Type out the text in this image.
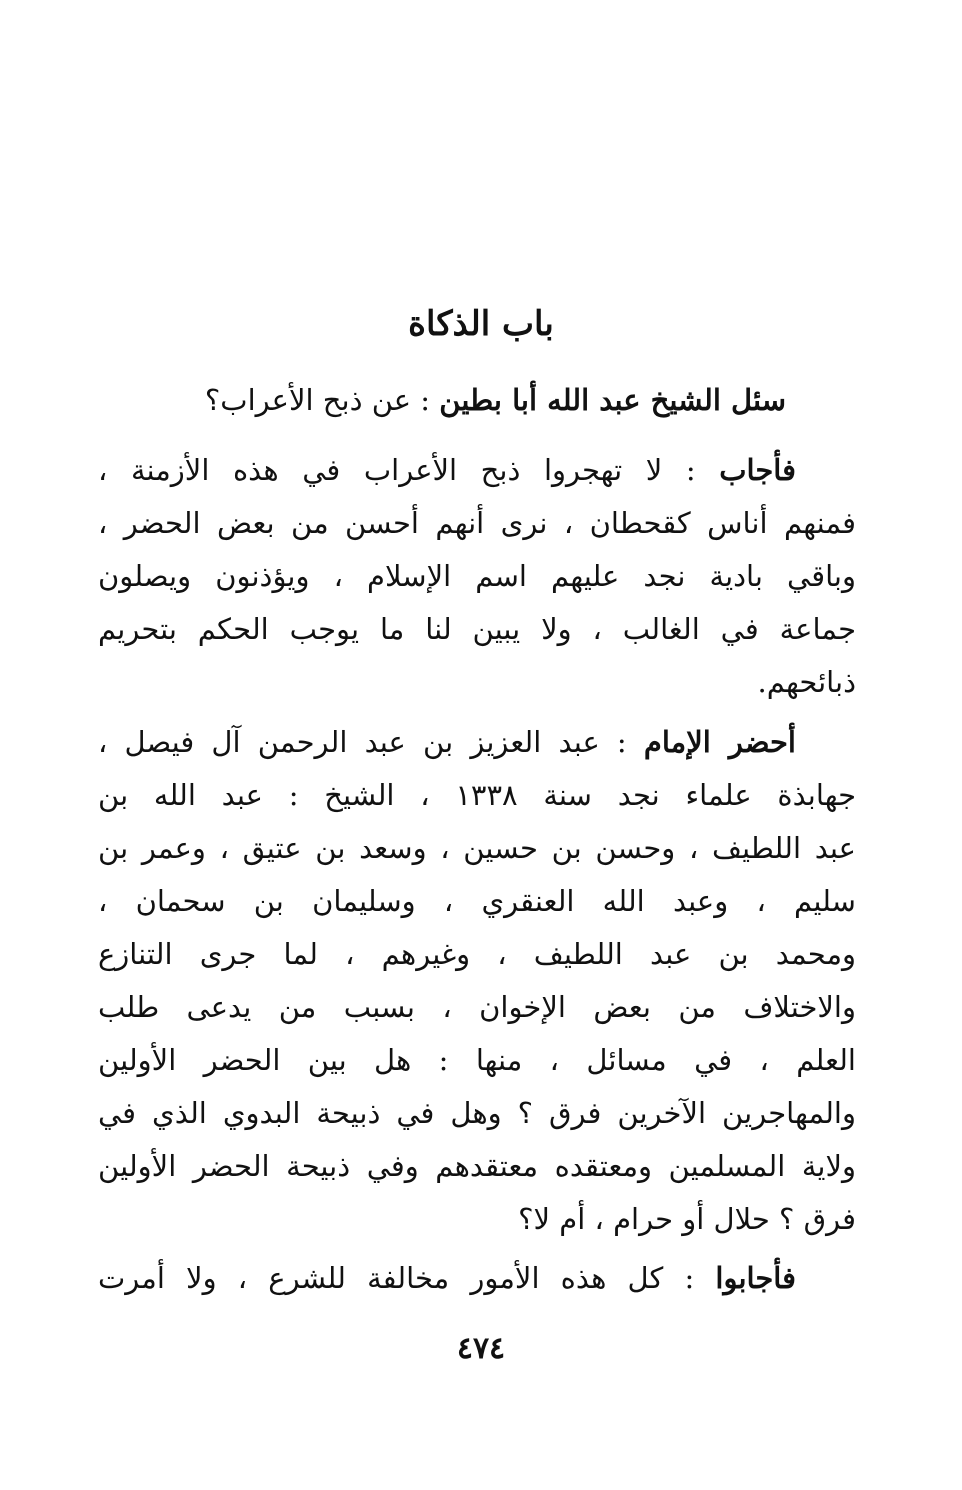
باب الذكاة
سئل الشيخ عبد الله أبا بطين : عن ذبح الأعراب؟
فأجاب : لا تهجروا ذبح الأعراب في هذه الأزمنة ،
فمنهم أناس كقحطان ، نرى أنهم أحسن من بعض الحضر ،
وباقي بادية نجد عليهم اسم الإسلام ، ويؤذنون ويصلون
جماعة في الغالب ، ولا يبين لنا ما يوجب الحكم بتحريم
ذبائحهم.
أحضر الإمام : عبد العزيز بن عبد الرحمن آل فيصل ،
جهابذة علماء نجد سنة ١٣٣٨ ، الشيخ : عبد الله بن
عبد اللطيف ، وحسن بن حسين ، وسعد بن عتيق ، وعمر بن
سليم ، وعبد الله العنقري ، وسليمان بن سحمان ،
ومحمد بن عبد اللطيف ، وغيرهم ، لما جرى التنازع
والاختلاف من بعض الإخوان ، بسبب من يدعى طلب
العلم ، في مسائل ، منها : هل بين الحضر الأولين
والمهاجرين الآخرين فرق ؟ وهل في ذبيحة البدوي الذي في
ولاية المسلمين ومعتقده معتقدهم وفي ذبيحة الحضر الأولين
فرق ؟ حلال أو حرام ، أم لا؟
فأجابوا : كل هذه الأمور مخالفة للشرع ، ولا أمرت
٤٧٤
